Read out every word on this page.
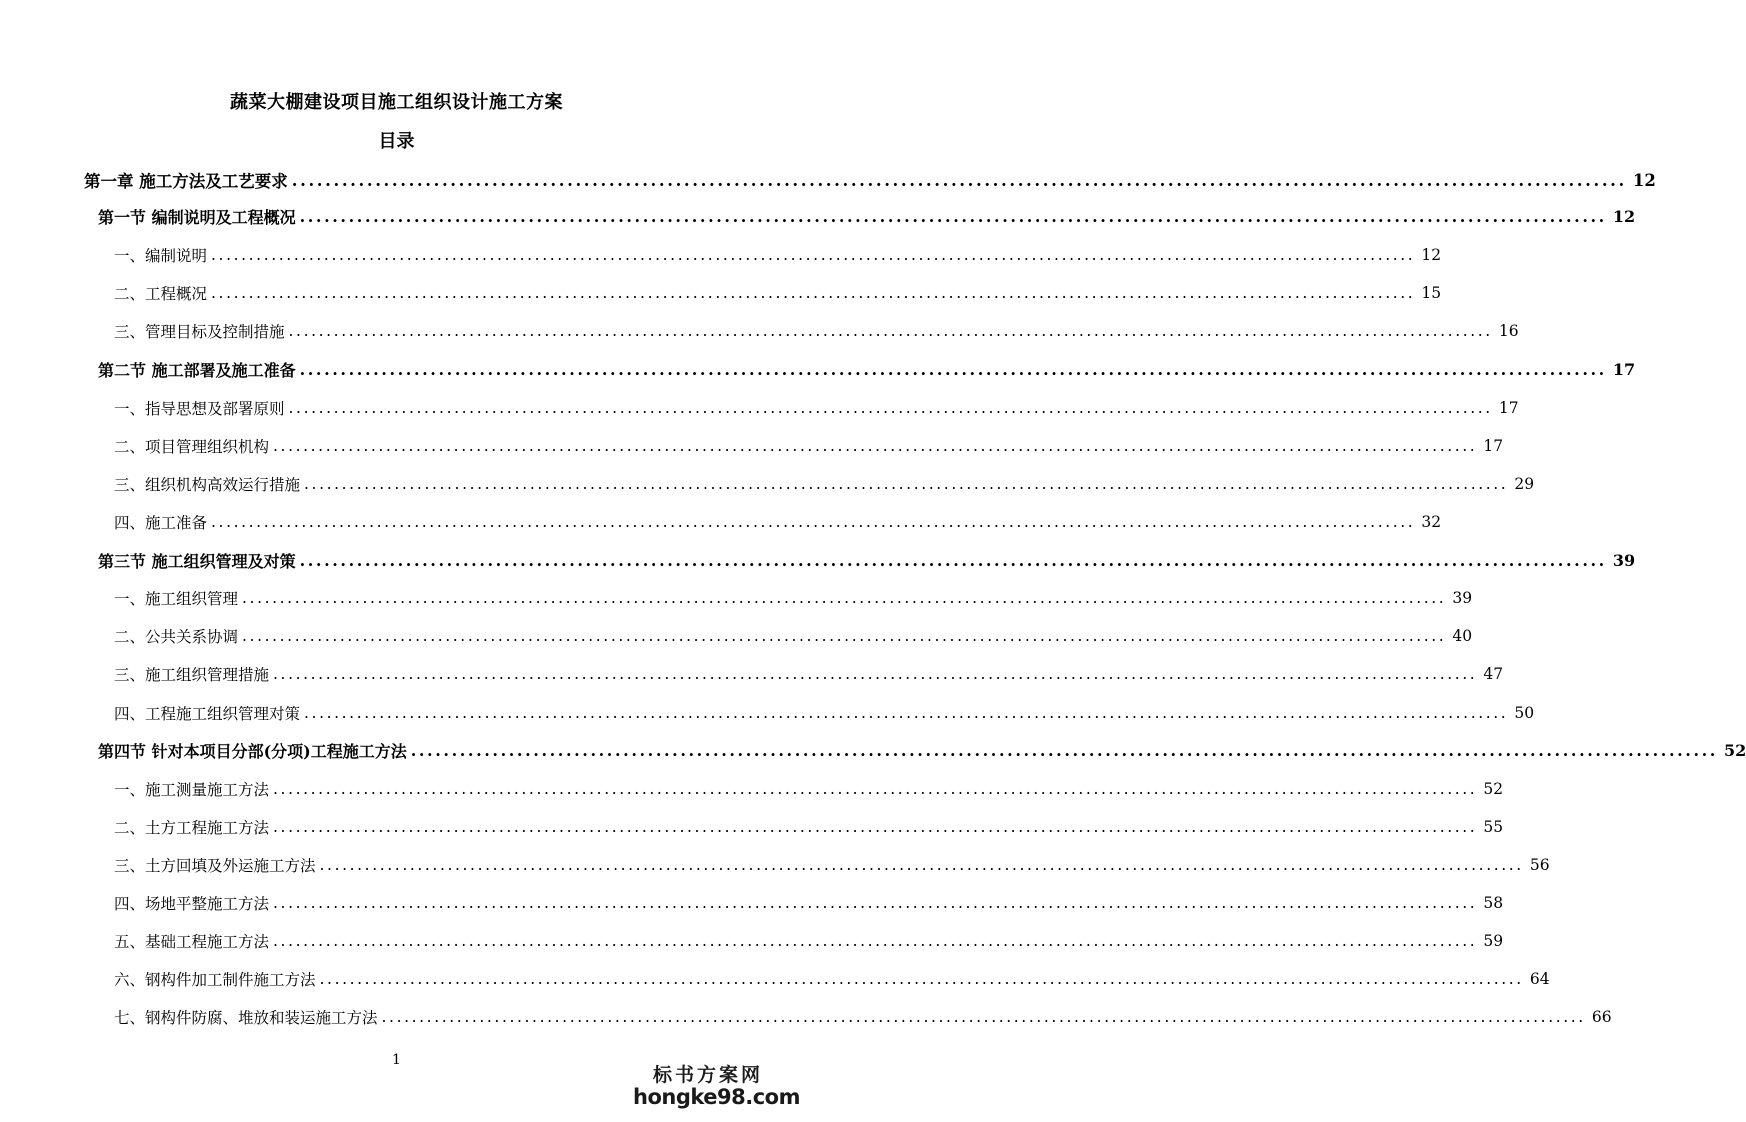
蔬菜大棚建设项目施工组织设计施工方案
目录
第一章 施工方法及工艺要求 ................................................................................................................................................................ 12
第一节 编制说明及工程概况 ................................................................................................................................................................ 12
一、编制说明 ................................................................................................................................................................ 12
二、工程概况 ................................................................................................................................................................ 15
三、管理目标及控制措施 ................................................................................................................................................................ 16
第二节 施工部署及施工准备 ................................................................................................................................................................ 17
一、指导思想及部署原则 ................................................................................................................................................................ 17
二、项目管理组织机构 ................................................................................................................................................................ 17
三、组织机构高效运行措施 ................................................................................................................................................................ 29
四、施工准备 ................................................................................................................................................................ 32
第三节 施工组织管理及对策 ................................................................................................................................................................ 39
一、施工组织管理 ................................................................................................................................................................ 39
二、公共关系协调 ................................................................................................................................................................ 40
三、施工组织管理措施 ................................................................................................................................................................ 47
四、工程施工组织管理对策 ................................................................................................................................................................ 50
第四节 针对本项目分部(分项)工程施工方法 ................................................................................................................................................................ 52
一、施工测量施工方法 ................................................................................................................................................................ 52
二、土方工程施工方法 ................................................................................................................................................................ 55
三、土方回填及外运施工方法 ................................................................................................................................................................ 56
四、场地平整施工方法 ................................................................................................................................................................ 58
五、基础工程施工方法 ................................................................................................................................................................ 59
六、钢构件加工制件施工方法 ................................................................................................................................................................ 64
七、钢构件防腐、堆放和装运施工方法 ................................................................................................................................................................ 66
1
标书方案网
hongke98.com
